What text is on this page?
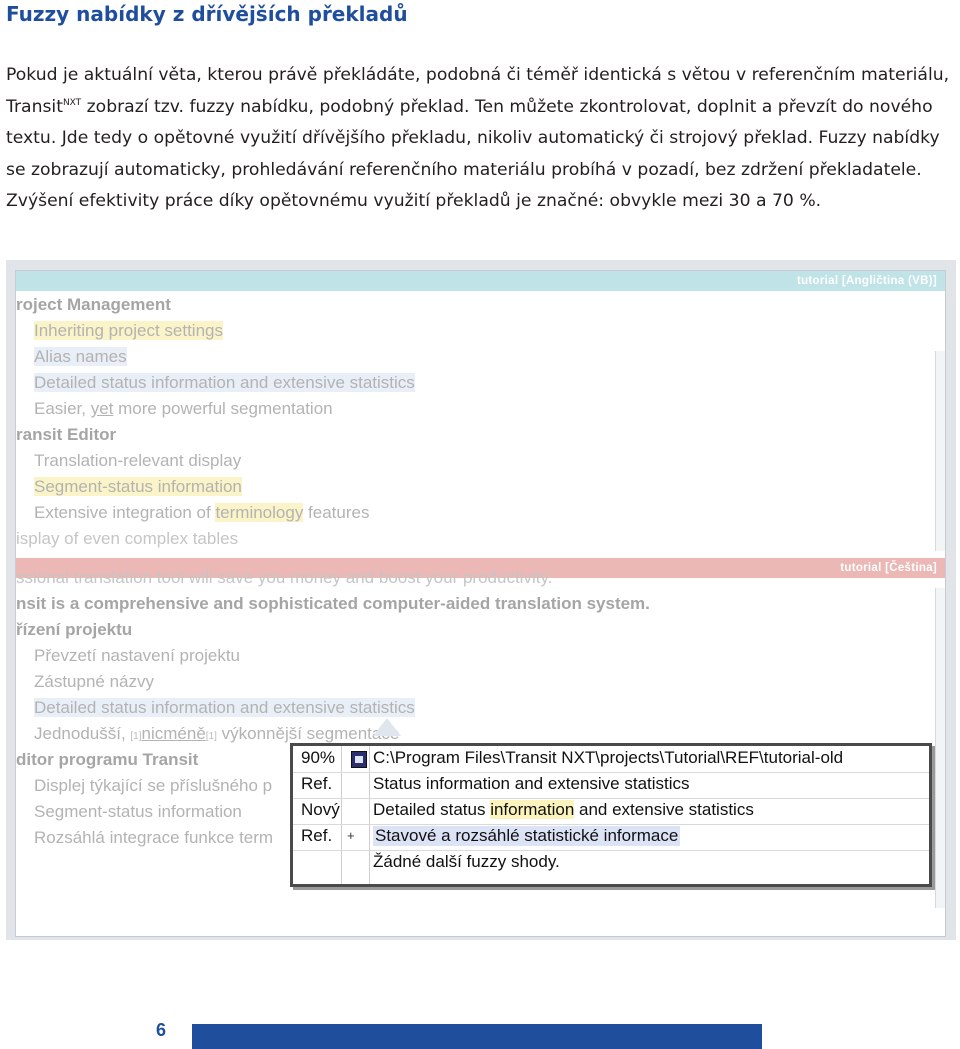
Fuzzy nabídky z dřívějších překladů

Pokud je aktuální věta, kterou právě překládáte, podobná či téměř identická s větou v referenčním materiálu, Transit$^{NXT}$ zobrazí tzv. fuzzy nabídku, podobný překlad. Ten můžete zkontrolovat, doplnit a převzít do nového textu. Jde tedy o opětovné využití dřívějšího překladu, nikoliv automatický či strojový překlad. Fuzzy nabídky se zobrazují automaticky, prohledávání referenčního materiálu probíhá v pozadí, bez zdržení překladatele. Zvýšení efektivity práce díky opětovnému využití překladů je značné: obvykle mezi 30 a 70 %.

tutorial [Angličtina (VB)]
roject Management
Inheriting project settings
Alias names
Detailed status information and extensive statistics
Easier, yet more powerful segmentation
ransit Editor
Translation-relevant display
Segment-status information
Extensive integration of terminology features
isplay of even complex tables
tutorial [Čeština]
ssional translation tool will save you money and boost your productivity.
nsit is a comprehensive and sophisticated computer-aided translation system.
řízení projektu
Převzetí nastavení projektu
Zástupné názvy
Detailed status information and extensive statistics
Jednodušší, [1]nicméně[1] výkonnější segmentace
ditor programu Transit
Displej týkající se příslušného p
Segment-status information
Rozsáhlá integrace funkce term
90% C:\Program Files\Transit NXT\projects\Tutorial\REF\tutorial-old
Ref. Status information and extensive statistics
Nový Detailed status information and extensive statistics
Ref. + Stavové a rozsáhlé statistické informace
Žádné další fuzzy shody.
6
